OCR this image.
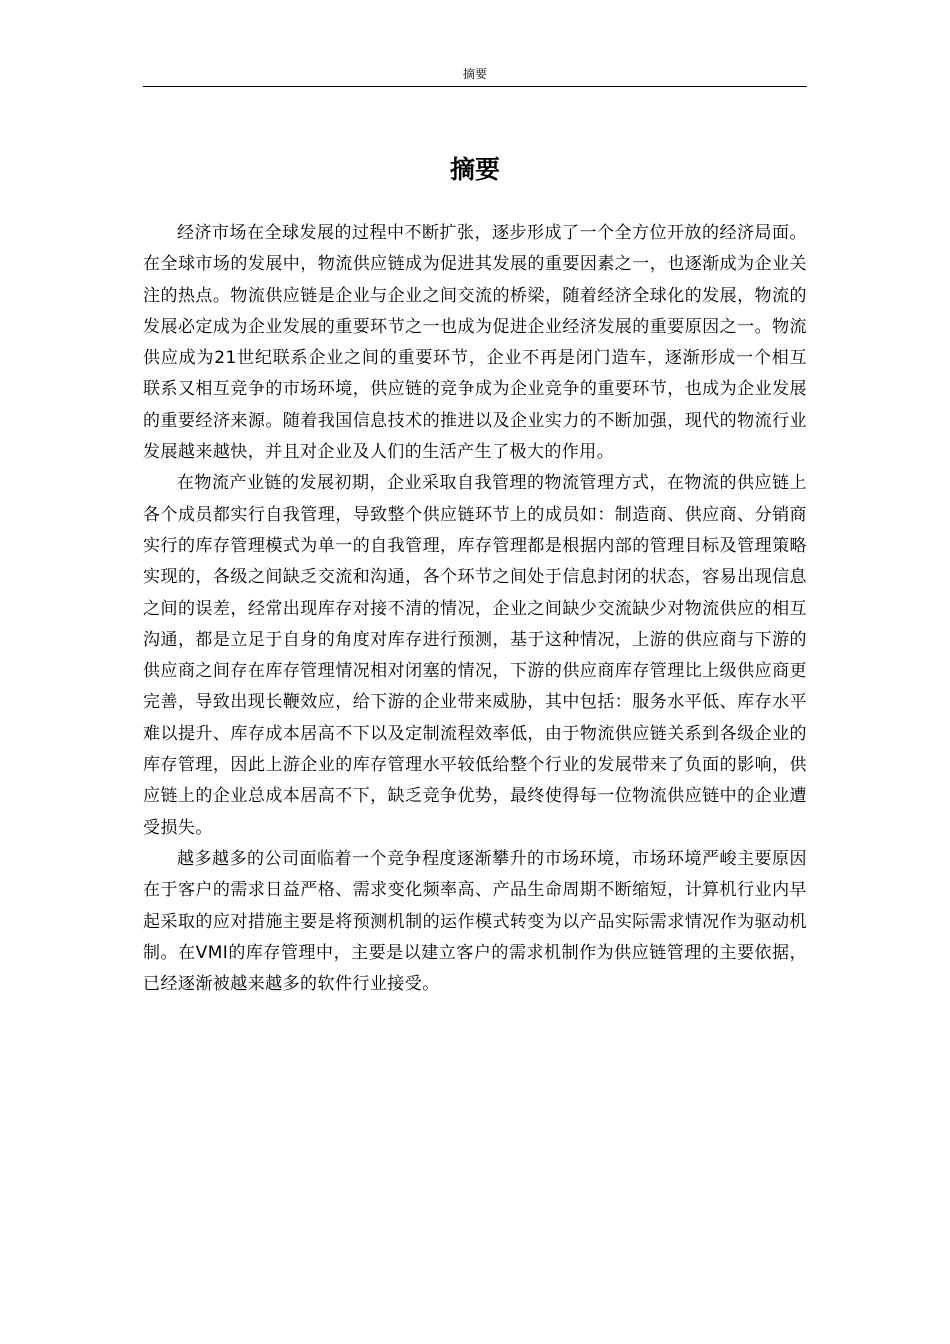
摘要
摘要

经济市场在全球发展的过程中不断扩张，逐步形成了一个全方位开放的经济局面。在全球市场的发展中，物流供应链成为促进其发展的重要因素之一，也逐渐成为企业关注的热点。物流供应链是企业与企业之间交流的桥梁，随着经济全球化的发展，物流的发展必定成为企业发展的重要环节之一也成为促进企业经济发展的重要原因之一。物流供应成为21世纪联系企业之间的重要环节，企业不再是闭门造车，逐渐形成一个相互联系又相互竞争的市场环境，供应链的竞争成为企业竞争的重要环节，也成为企业发展的重要经济来源。随着我国信息技术的推进以及企业实力的不断加强，现代的物流行业发展越来越快，并且对企业及人们的生活产生了极大的作用。

在物流产业链的发展初期，企业采取自我管理的物流管理方式，在物流的供应链上各个成员都实行自我管理，导致整个供应链环节上的成员如：制造商、供应商、分销商实行的库存管理模式为单一的自我管理，库存管理都是根据内部的管理目标及管理策略实现的，各级之间缺乏交流和沟通，各个环节之间处于信息封闭的状态，容易出现信息之间的误差，经常出现库存对接不清的情况，企业之间缺少交流缺少对物流供应的相互沟通，都是立足于自身的角度对库存进行预测，基于这种情况，上游的供应商与下游的供应商之间存在库存管理情况相对闭塞的情况，下游的供应商库存管理比上级供应商更完善，导致出现长鞭效应，给下游的企业带来威胁，其中包括：服务水平低、库存水平难以提升、库存成本居高不下以及定制流程效率低，由于物流供应链关系到各级企业的库存管理，因此上游企业的库存管理水平较低给整个行业的发展带来了负面的影响，供应链上的企业总成本居高不下，缺乏竞争优势，最终使得每一位物流供应链中的企业遭受损失。

越多越多的公司面临着一个竞争程度逐渐攀升的市场环境，市场环境严峻主要原因在于客户的需求日益严格、需求变化频率高、产品生命周期不断缩短，计算机行业内早起采取的应对措施主要是将预测机制的运作模式转变为以产品实际需求情况作为驱动机制。在VMI的库存管理中，主要是以建立客户的需求机制作为供应链管理的主要依据，已经逐渐被越来越多的软件行业接受。
